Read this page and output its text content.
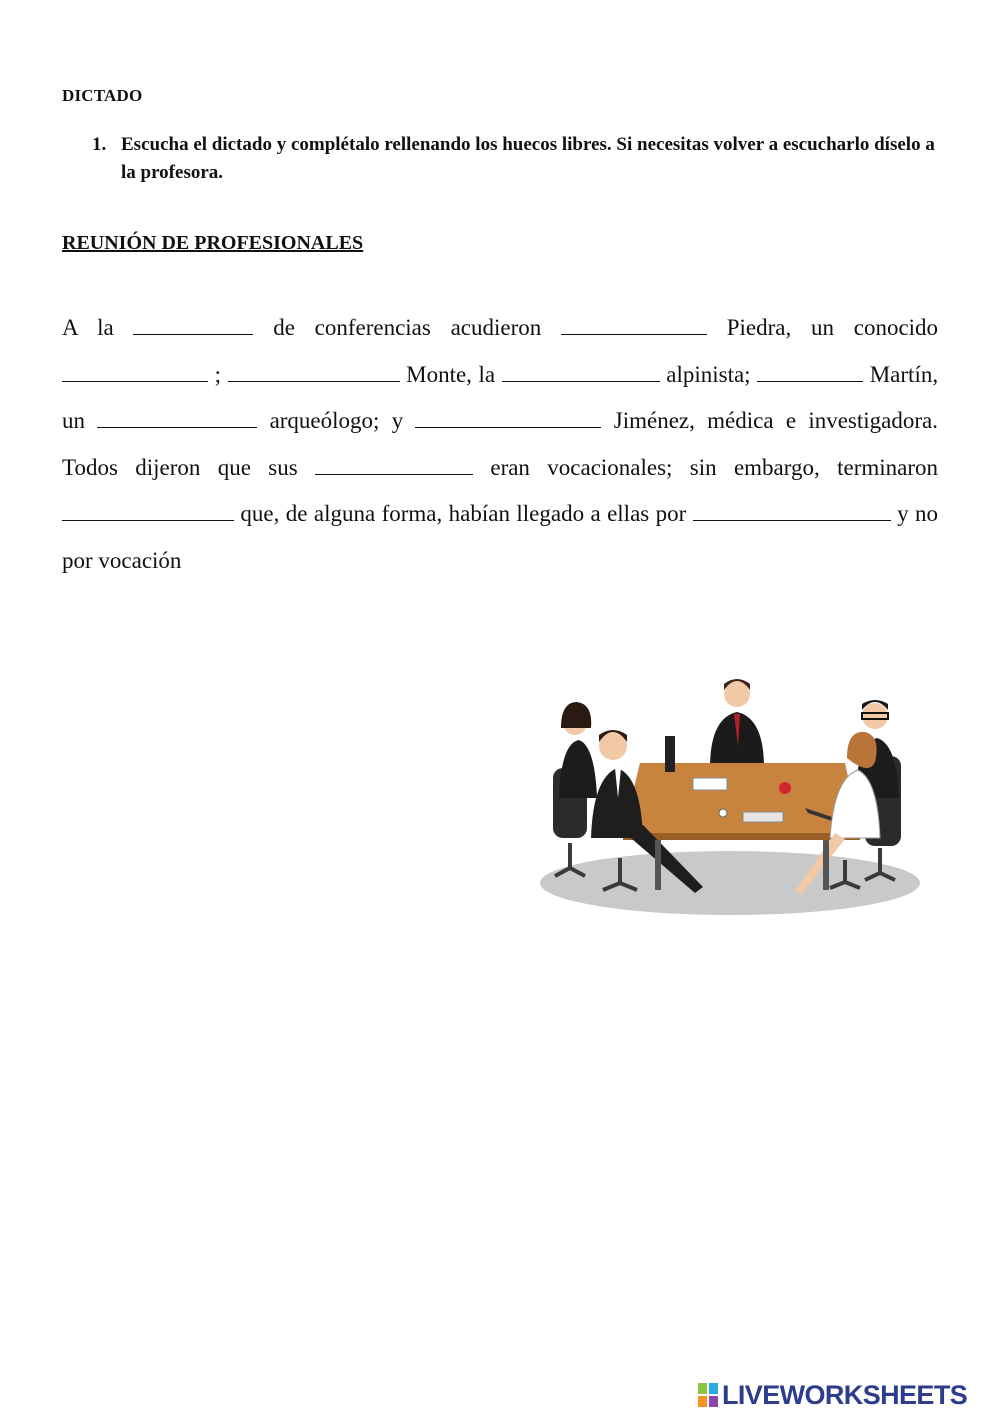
DICTADO
1. Escucha el dictado y complétalo rellenando los huecos libres. Si necesitas volver a escucharlo díselo a la profesora.
REUNIÓN DE PROFESIONALES
A la	de conferencias acudieron	Piedra, un conocido  ;	Monte, la	alpinista;	Martín, un	arqueólogo; y	Jiménez, médica e investigadora. Todos dijeron que sus	eran vocacionales; sin embargo, terminaron  que, de alguna forma, habían llegado a ellas por	y no por vocación
LIVEWORKSHEETS
